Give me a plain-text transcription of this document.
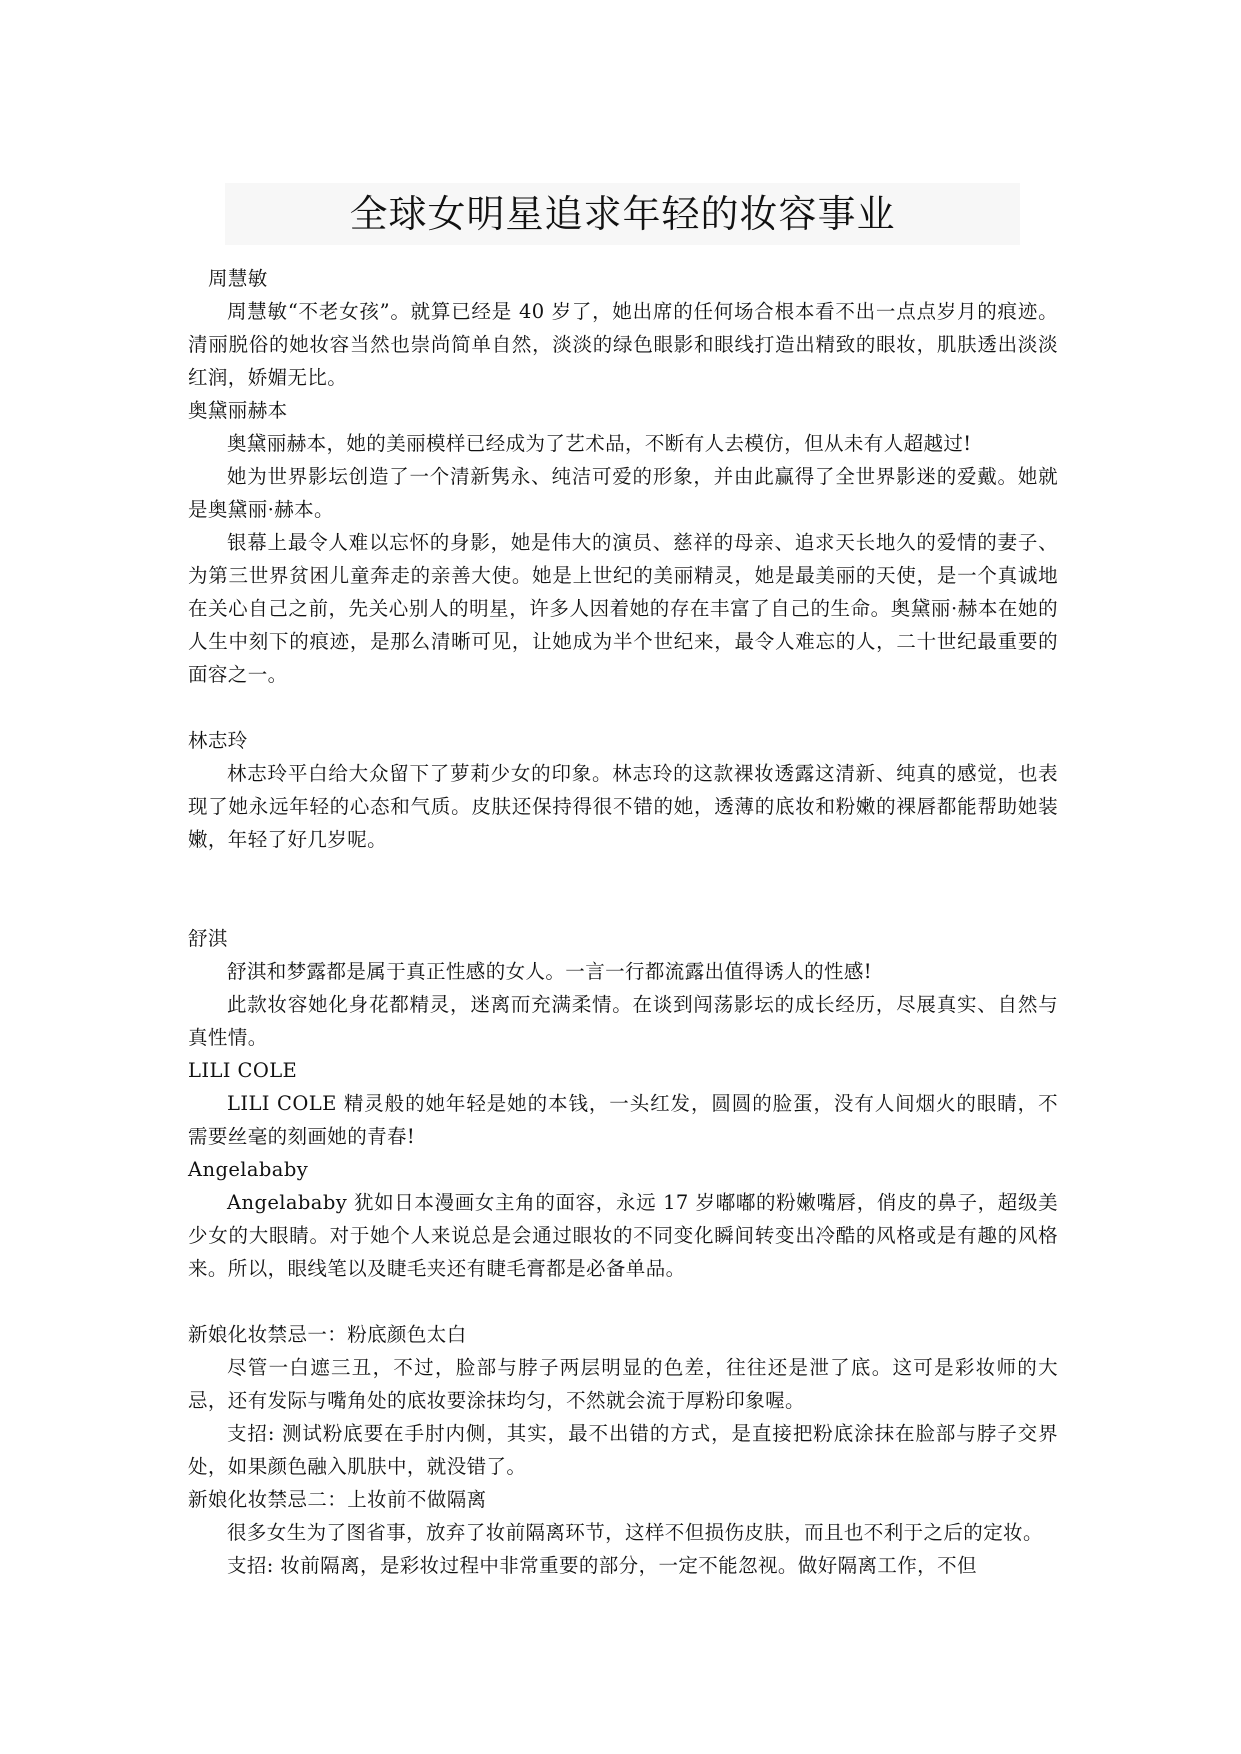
全球女明星追求年轻的妆容事业
周慧敏

周慧敏“不老女孩”。就算已经是 40 岁了，她出席的任何场合根本看不出一点点岁月的痕迹。清丽脱俗的她妆容当然也崇尚简单自然，淡淡的绿色眼影和眼线打造出精致的眼妆，肌肤透出淡淡红润，娇媚无比。

奥黛丽赫本

奥黛丽赫本，她的美丽模样已经成为了艺术品，不断有人去模仿，但从未有人超越过!

她为世界影坛创造了一个清新隽永、纯洁可爱的形象，并由此赢得了全世界影迷的爱戴。她就是奥黛丽·赫本。

银幕上最令人难以忘怀的身影，她是伟大的演员、慈祥的母亲、追求天长地久的爱情的妻子、为第三世界贫困儿童奔走的亲善大使。她是上世纪的美丽精灵，她是最美丽的天使，是一个真诚地在关心自己之前，先关心别人的明星，许多人因着她的存在丰富了自己的生命。奥黛丽·赫本在她的人生中刻下的痕迹，是那么清晰可见，让她成为半个世纪来，最令人难忘的人，二十世纪最重要的面容之一。

林志玲

林志玲平白给大众留下了萝莉少女的印象。林志玲的这款裸妆透露这清新、纯真的感觉，也表现了她永远年轻的心态和气质。皮肤还保持得很不错的她，透薄的底妆和粉嫩的裸唇都能帮助她装嫩，年轻了好几岁呢。

舒淇

舒淇和梦露都是属于真正性感的女人。一言一行都流露出值得诱人的性感!

此款妆容她化身花都精灵，迷离而充满柔情。在谈到闯荡影坛的成长经历，尽展真实、自然与真性情。

LILI COLE

LILI COLE 精灵般的她年轻是她的本钱，一头红发，圆圆的脸蛋，没有人间烟火的眼睛，不需要丝毫的刻画她的青春!

Angelababy

Angelababy 犹如日本漫画女主角的面容，永远 17 岁嘟嘟的粉嫩嘴唇，俏皮的鼻子，超级美少女的大眼睛。对于她个人来说总是会通过眼妆的不同变化瞬间转变出冷酷的风格或是有趣的风格来。所以，眼线笔以及睫毛夹还有睫毛膏都是必备单品。

新娘化妆禁忌一：粉底颜色太白

尽管一白遮三丑，不过，脸部与脖子两层明显的色差，往往还是泄了底。这可是彩妆师的大忌，还有发际与嘴角处的底妆要涂抹均匀，不然就会流于厚粉印象喔。

支招: 测试粉底要在手肘内侧，其实，最不出错的方式，是直接把粉底涂抹在脸部与脖子交界处，如果颜色融入肌肤中，就没错了。

新娘化妆禁忌二：上妆前不做隔离

很多女生为了图省事，放弃了妆前隔离环节，这样不但损伤皮肤，而且也不利于之后的定妆。

支招: 妆前隔离，是彩妆过程中非常重要的部分，一定不能忽视。做好隔离工作，不但
